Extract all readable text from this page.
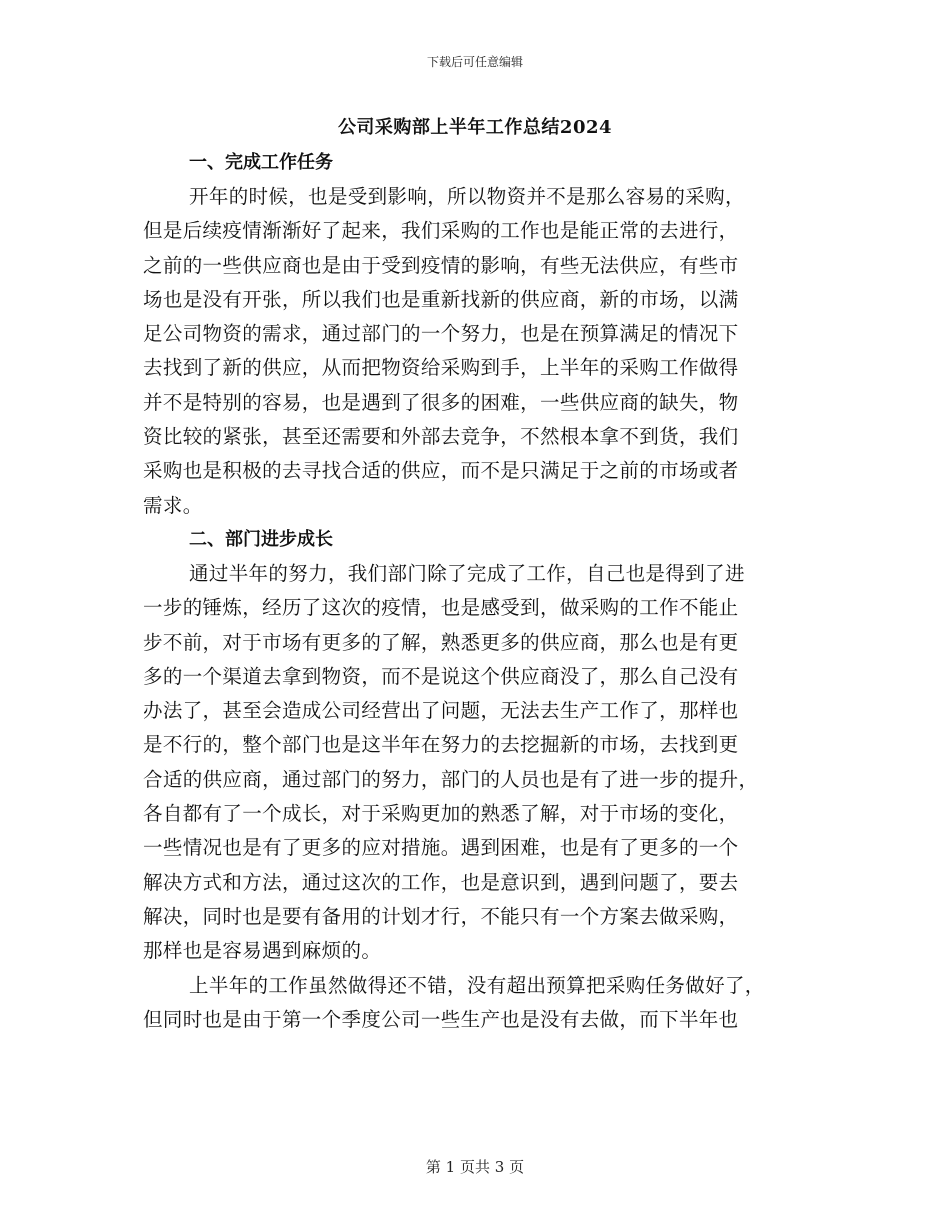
下载后可任意编辑
公司采购部上半年工作总结2024
一、完成工作任务
开年的时候，也是受到影响，所以物资并不是那么容易的采购，
但是后续疫情渐渐好了起来，我们采购的工作也是能正常的去进行，
之前的一些供应商也是由于受到疫情的影响，有些无法供应，有些市
场也是没有开张，所以我们也是重新找新的供应商，新的市场，以满
足公司物资的需求，通过部门的一个努力，也是在预算满足的情况下
去找到了新的供应，从而把物资给采购到手，上半年的采购工作做得
并不是特别的容易，也是遇到了很多的困难，一些供应商的缺失，物
资比较的紧张，甚至还需要和外部去竞争，不然根本拿不到货，我们
采购也是积极的去寻找合适的供应，而不是只满足于之前的市场或者
需求。
二、部门进步成长
通过半年的努力，我们部门除了完成了工作，自己也是得到了进
一步的锤炼，经历了这次的疫情，也是感受到，做采购的工作不能止
步不前，对于市场有更多的了解，熟悉更多的供应商，那么也是有更
多的一个渠道去拿到物资，而不是说这个供应商没了，那么自己没有
办法了，甚至会造成公司经营出了问题，无法去生产工作了，那样也
是不行的，整个部门也是这半年在努力的去挖掘新的市场，去找到更
合适的供应商，通过部门的努力，部门的人员也是有了进一步的提升，
各自都有了一个成长，对于采购更加的熟悉了解，对于市场的变化，
一些情况也是有了更多的应对措施。遇到困难，也是有了更多的一个
解决方式和方法，通过这次的工作，也是意识到，遇到问题了，要去
解决，同时也是要有备用的计划才行，不能只有一个方案去做采购，
那样也是容易遇到麻烦的。
上半年的工作虽然做得还不错，没有超出预算把采购任务做好了，
但同时也是由于第一个季度公司一些生产也是没有去做，而下半年也
第 1 页共 3 页
